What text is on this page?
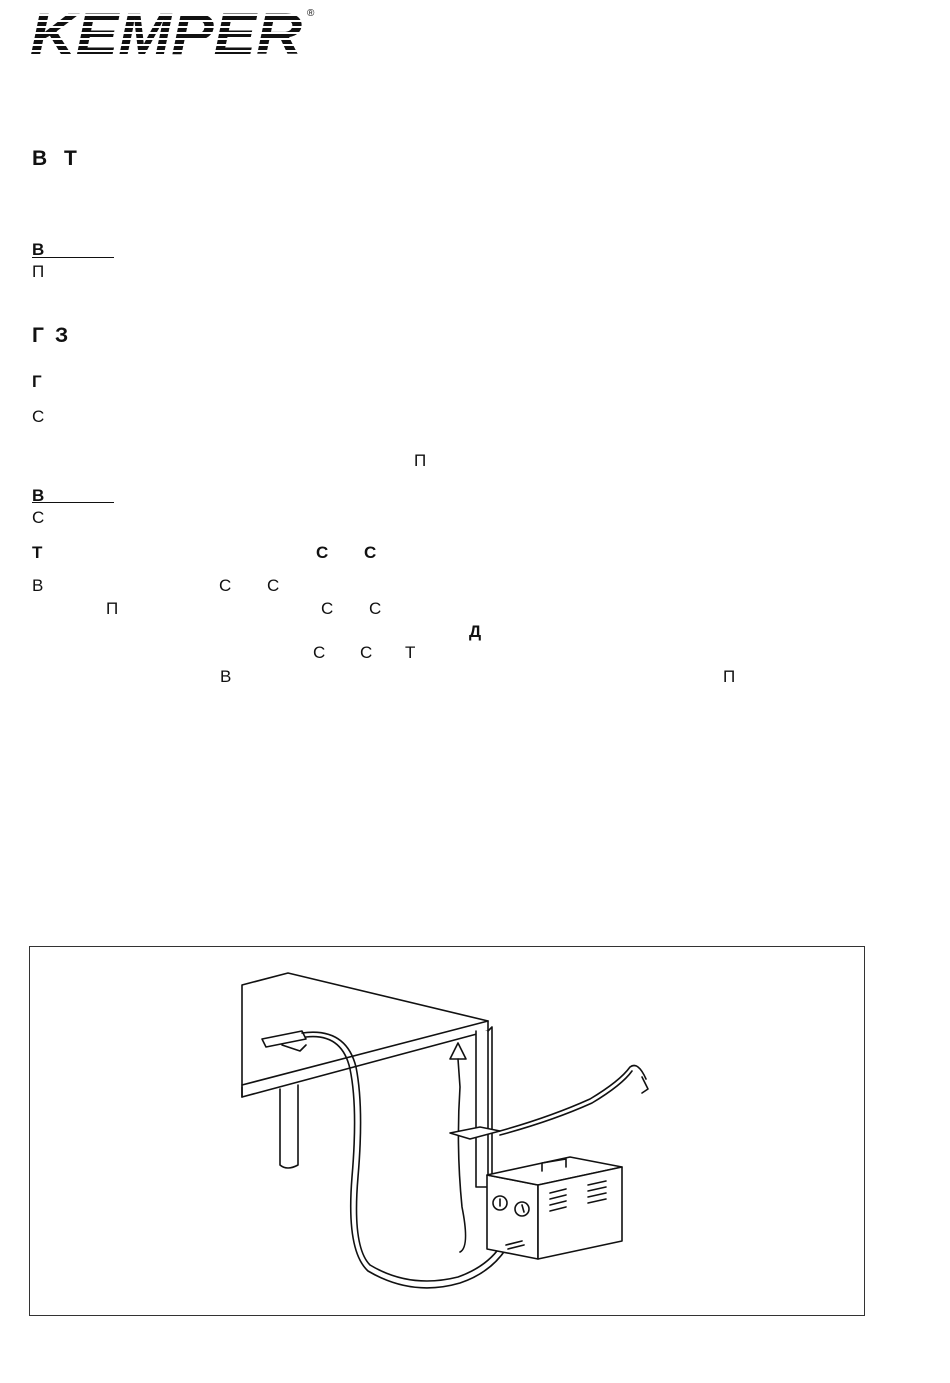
®
В Т
В
П
Г З
Г
С
П
В
С
Т	С С
В	С С
П	С С
Д
С С Т
В	П
